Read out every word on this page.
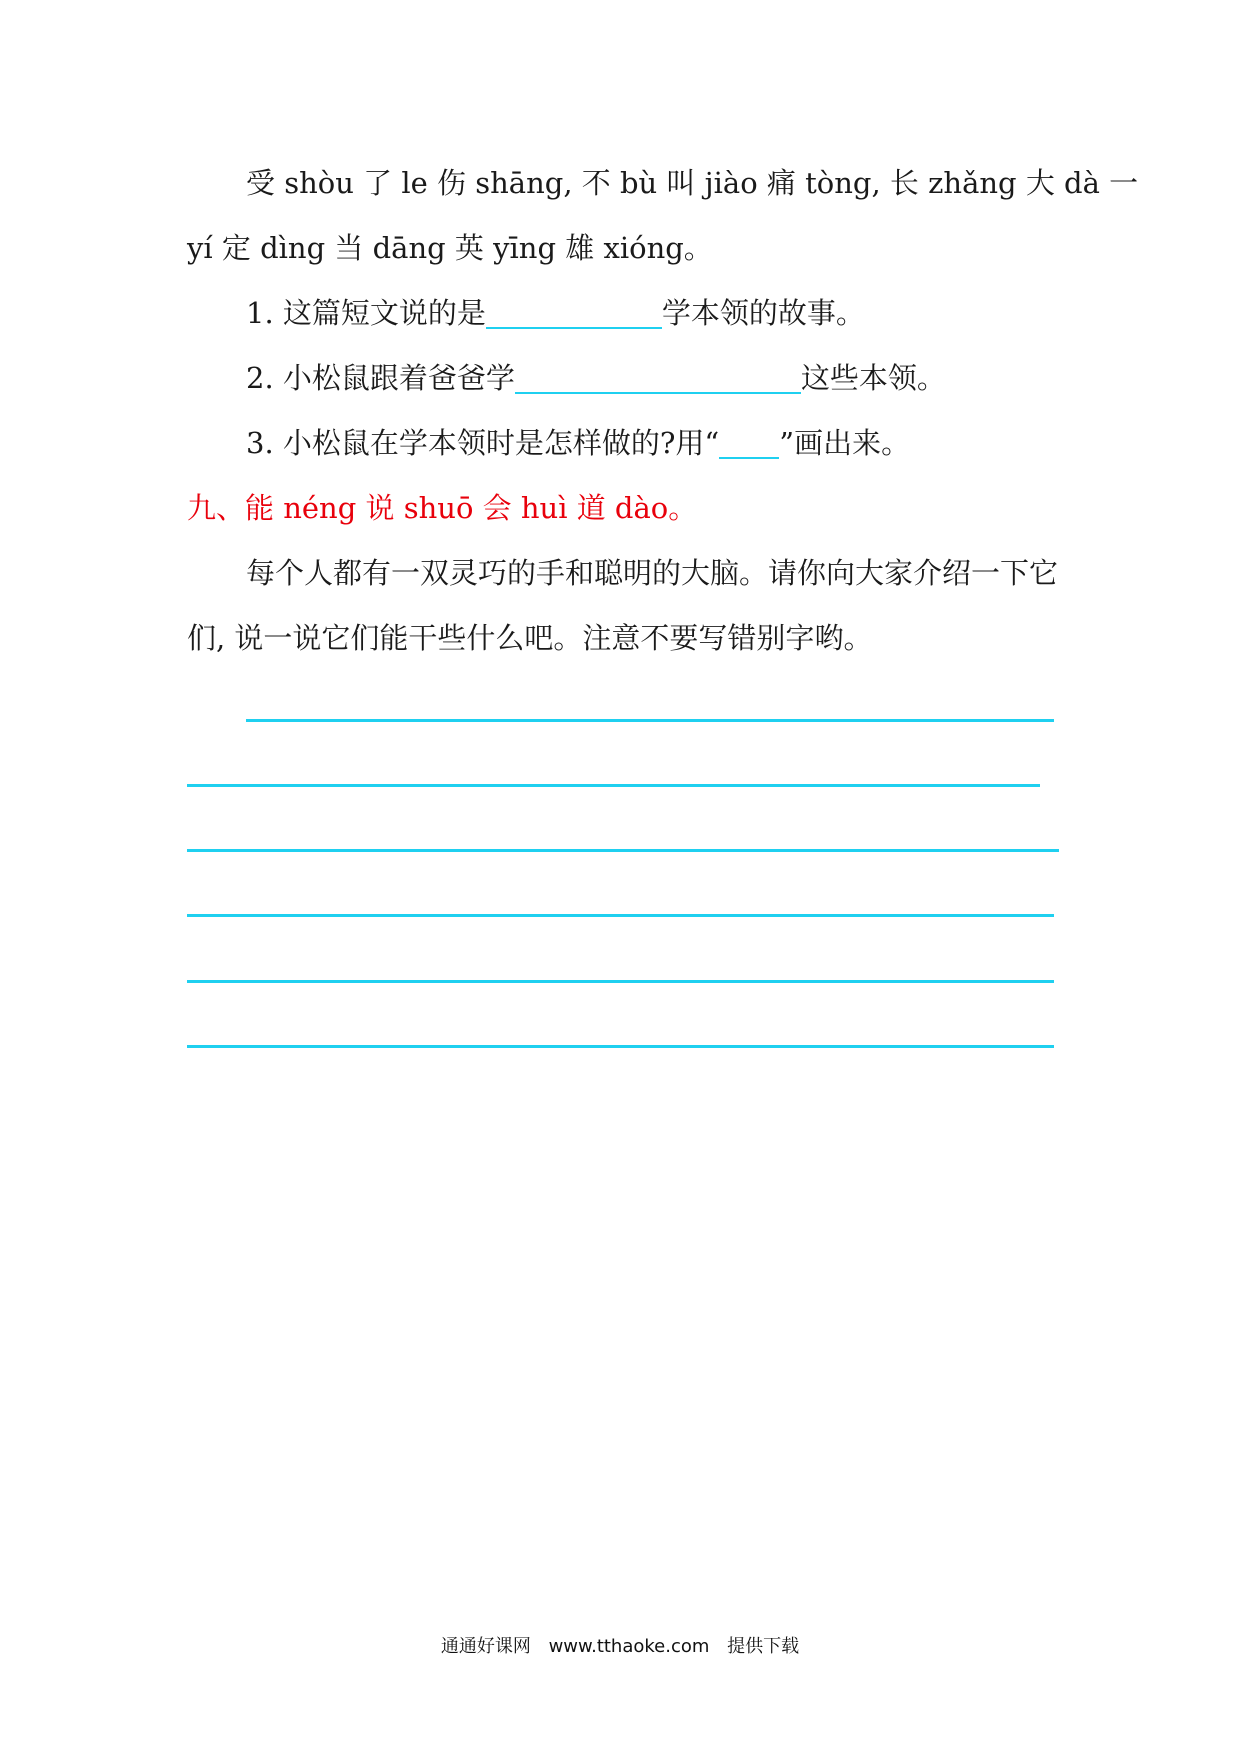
受 shòu 了 le 伤 shāng, 不 bù 叫 jiào 痛 tòng, 长 zhǎng 大 dà 一
yí 定 dìng 当 dāng 英 yīng 雄 xióng。
1. 这篇短文说的是	学本领的故事。
2. 小松鼠跟着爸爸学	这些本领。
3. 小松鼠在学本领时是怎样做的?用“ ”画出来。
九、能 néng 说 shuō 会 huì 道 dào。
每个人都有一双灵巧的手和聪明的大脑。请你向大家介绍一下它
们, 说一说它们能干些什么吧。注意不要写错别字哟。
通通好课网 www.tthaoke.com 提供下载
